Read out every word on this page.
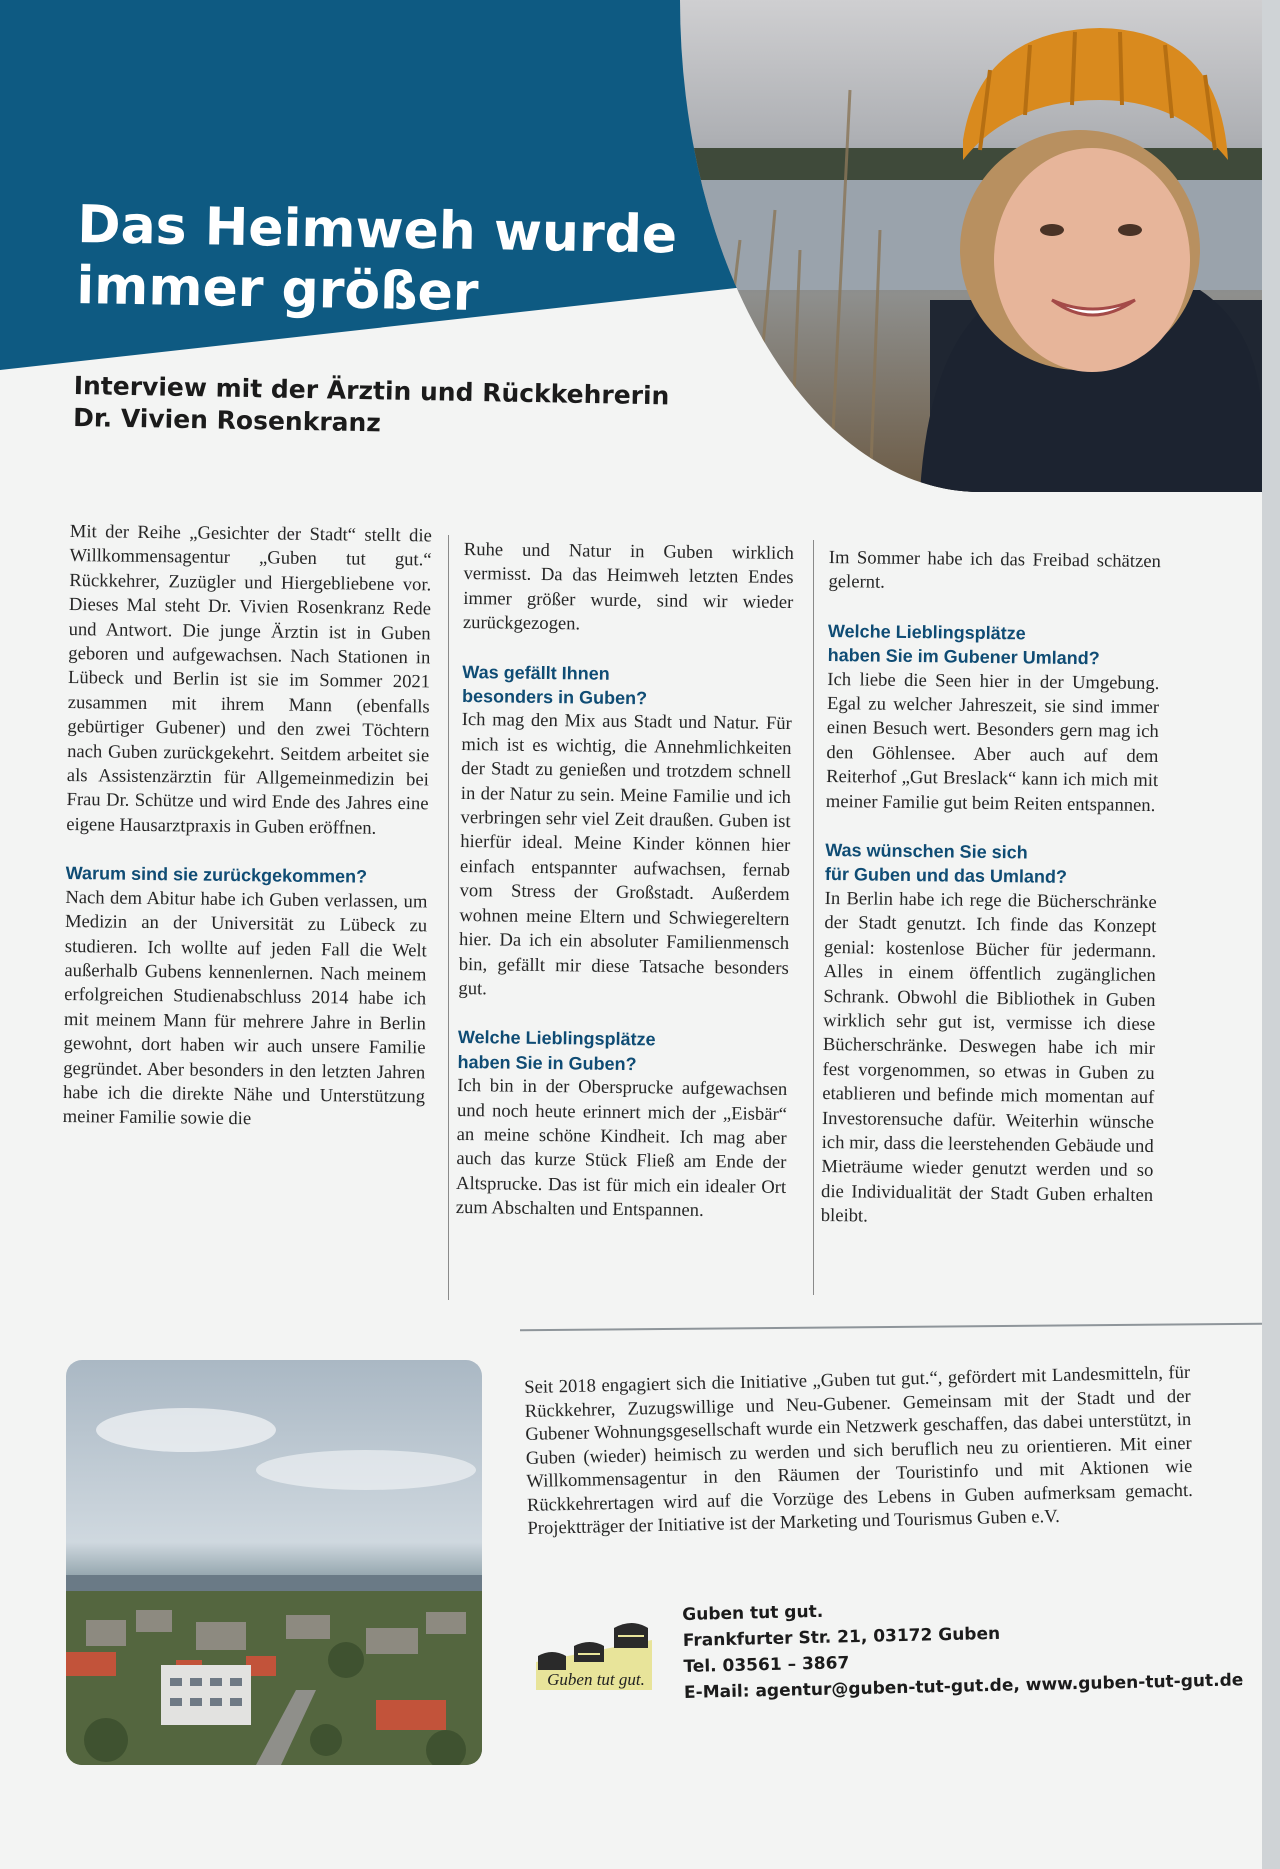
Das Heimweh wurde
immer größer
Interview mit der Ärztin und Rückkehrerin
Dr. Vivien Rosenkranz

Mit der Reihe „Gesichter der Stadt“ stellt die Willkommensagentur „Guben tut gut.“ Rückkehrer, Zuzügler und Hiergebliebene vor. Dieses Mal steht Dr. Vivien Rosenkranz Rede und Antwort. Die junge Ärztin ist in Guben geboren und aufgewachsen. Nach Stationen in Lübeck und Berlin ist sie im Sommer 2021 zusammen mit ihrem Mann (ebenfalls gebürtiger Gubener) und den zwei Töchtern nach Guben zurückgekehrt. Seitdem arbeitet sie als Assistenzärztin für Allgemeinmedizin bei Frau Dr. Schütze und wird Ende des Jahres eine eigene Hausarztpraxis in Guben eröffnen.

Warum sind sie zurückgekommen?

Nach dem Abitur habe ich Guben verlassen, um Medizin an der Universität zu Lübeck zu studieren. Ich wollte auf jeden Fall die Welt außerhalb Gubens kennenlernen. Nach meinem erfolgreichen Studienabschluss 2014 habe ich mit meinem Mann für mehrere Jahre in Berlin gewohnt, dort haben wir auch unsere Familie gegründet. Aber besonders in den letzten Jahren habe ich die direkte Nähe und Unterstützung meiner Familie sowie die

Ruhe und Natur in Guben wirklich vermisst. Da das Heimweh letzten Endes immer größer wurde, sind wir wieder zurückgezogen.

Was gefällt Ihnen
besonders in Guben?

Ich mag den Mix aus Stadt und Natur. Für mich ist es wichtig, die Annehmlichkeiten der Stadt zu genießen und trotzdem schnell in der Natur zu sein. Meine Familie und ich verbringen sehr viel Zeit draußen. Guben ist hierfür ideal. Meine Kinder können hier einfach entspannter aufwachsen, fernab vom Stress der Großstadt. Außerdem wohnen meine Eltern und Schwiegereltern hier. Da ich ein absoluter Familienmensch bin, gefällt mir diese Tatsache besonders gut.

Welche Lieblingsplätze
haben Sie in Guben?

Ich bin in der Obersprucke aufgewachsen und noch heute erinnert mich der „Eisbär“ an meine schöne Kindheit. Ich mag aber auch das kurze Stück Fließ am Ende der Altsprucke. Das ist für mich ein idealer Ort zum Abschalten und Entspannen.

Im Sommer habe ich das Freibad schätzen gelernt.

Welche Lieblingsplätze
haben Sie im Gubener Umland?

Ich liebe die Seen hier in der Umgebung. Egal zu welcher Jahreszeit, sie sind immer einen Besuch wert. Besonders gern mag ich den Göhlensee. Aber auch auf dem Reiterhof „Gut Breslack“ kann ich mich mit meiner Familie gut beim Reiten entspannen.

Was wünschen Sie sich
für Guben und das Umland?

In Berlin habe ich rege die Bücherschränke der Stadt genutzt. Ich finde das Konzept genial: kostenlose Bücher für jedermann. Alles in einem öffentlich zugänglichen Schrank. Obwohl die Bibliothek in Guben wirklich sehr gut ist, vermisse ich diese Bücherschränke. Deswegen habe ich mir fest vorgenommen, so etwas in Guben zu etablieren und befinde mich momentan auf Investorensuche dafür. Weiterhin wünsche ich mir, dass die leerstehenden Gebäude und Mieträume wieder genutzt werden und so die Individualität der Stadt Guben erhalten bleibt.

Seit 2018 engagiert sich die Initiative „Guben tut gut.“, gefördert mit Landesmitteln, für Rückkehrer, Zuzugswillige und Neu-Gubener. Gemeinsam mit der Stadt und der Gubener Wohnungsgesellschaft wurde ein Netzwerk geschaffen, das dabei unterstützt, in Guben (wieder) heimisch zu werden und sich beruflich neu zu orientieren. Mit einer Willkommensagentur in den Räumen der Touristinfo und mit Aktionen wie Rückkehrertagen wird auf die Vorzüge des Lebens in Guben aufmerksam gemacht. Projektträger der Initiative ist der Marketing und Tourismus Guben e.V.

Guben tut gut.
Guben tut gut.
Frankfurter Str. 21, 03172 Guben
Tel. 03561 – 3867
E-Mail: agentur@guben-tut-gut.de, www.guben-tut-gut.de
